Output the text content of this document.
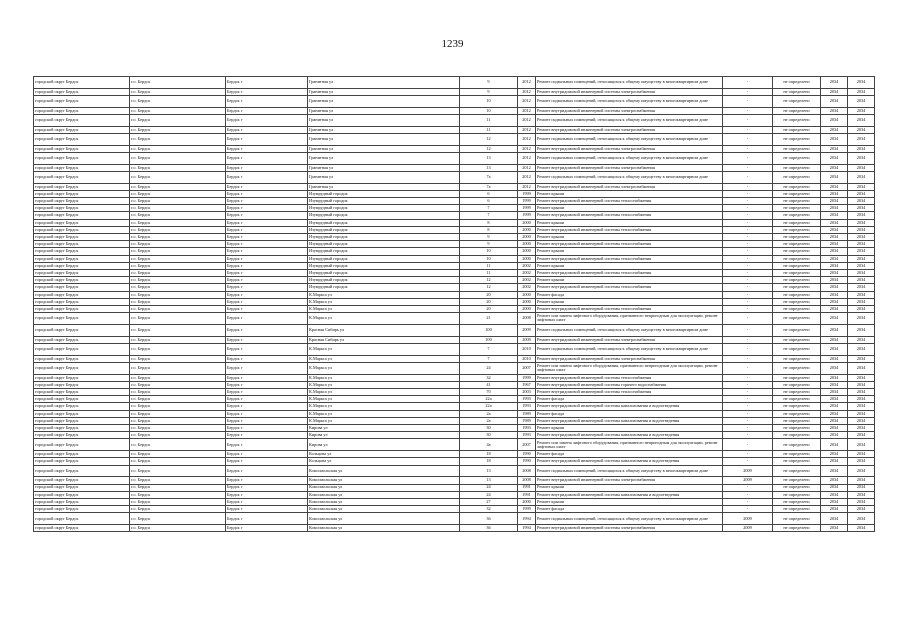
1239
городской округ Бердск	г.о. Бердск	Бердск г	Гранитная ул	9	2012	Ремонт подвальных помещений, относящихся к общему имуществу в многоквартирном доме	-	не определено	2034	2034
городской округ Бердск	г.о. Бердск	Бердск г	Гранитная ул	9	2012	Ремонт внутридомовой инженерной системы электроснабжения	-	не определено	2034	2034
городской округ Бердск	г.о. Бердск	Бердск г	Гранитная ул	10	2012	Ремонт подвальных помещений, относящихся к общему имуществу в многоквартирном доме	-	не определено	2034	2034
городской округ Бердск	г.о. Бердск	Бердск г	Гранитная ул	10	2012	Ремонт внутридомовой инженерной системы электроснабжения	-	не определено	2034	2034
городской округ Бердск	г.о. Бердск	Бердск г	Гранитная ул	11	2012	Ремонт подвальных помещений, относящихся к общему имуществу в многоквартирном доме	-	не определено	2034	2034
городской округ Бердск	г.о. Бердск	Бердск г	Гранитная ул	11	2012	Ремонт внутридомовой инженерной системы электроснабжения	-	не определено	2034	2034
городской округ Бердск	г.о. Бердск	Бердск г	Гранитная ул	12	2012	Ремонт подвальных помещений, относящихся к общему имуществу в многоквартирном доме	-	не определено	2034	2034
городской округ Бердск	г.о. Бердск	Бердск г	Гранитная ул	12	2012	Ремонт внутридомовой инженерной системы электроснабжения	-	не определено	2034	2034
городской округ Бердск	г.о. Бердск	Бердск г	Гранитная ул	13	2012	Ремонт подвальных помещений, относящихся к общему имуществу в многоквартирном доме	-	не определено	2034	2034
городской округ Бердск	г.о. Бердск	Бердск г	Гранитная ул	13	2012	Ремонт внутридомовой инженерной системы электроснабжения	-	не определено	2034	2034
городской округ Бердск	г.о. Бердск	Бердск г	Гранитная ул	7а	2012	Ремонт подвальных помещений, относящихся к общему имуществу в многоквартирном доме	-	не определено	2034	2034
городской округ Бердск	г.о. Бердск	Бердск г	Гранитная ул	7а	2012	Ремонт внутридомовой инженерной системы электроснабжения	-	не определено	2034	2034
городской округ Бердск	г.о. Бердск	Бердск г	Изумрудный городок	6	1999	Ремонт крыши	-	не определено	2034	2034
городской округ Бердск	г.о. Бердск	Бердск г	Изумрудный городок	6	1999	Ремонт внутридомовой инженерной системы теплоснабжения	-	не определено	2034	2034
городской округ Бердск	г.о. Бердск	Бердск г	Изумрудный городок	7	1999	Ремонт крыши	-	не определено	2034	2034
городской округ Бердск	г.о. Бердск	Бердск г	Изумрудный городок	7	1999	Ремонт внутридомовой инженерной системы теплоснабжения	-	не определено	2034	2034
городской округ Бердск	г.о. Бердск	Бердск г	Изумрудный городок	8	2000	Ремонт крыши	-	не определено	2034	2034
городской округ Бердск	г.о. Бердск	Бердск г	Изумрудный городок	8	2000	Ремонт внутридомовой инженерной системы теплоснабжения	-	не определено	2034	2034
городской округ Бердск	г.о. Бердск	Бердск г	Изумрудный городок	9	2000	Ремонт крыши	-	не определено	2034	2034
городской округ Бердск	г.о. Бердск	Бердск г	Изумрудный городок	9	2000	Ремонт внутридомовой инженерной системы теплоснабжения	-	не определено	2034	2034
городской округ Бердск	г.о. Бердск	Бердск г	Изумрудный городок	10	2000	Ремонт крыши	-	не определено	2034	2034
городской округ Бердск	г.о. Бердск	Бердск г	Изумрудный городок	10	2000	Ремонт внутридомовой инженерной системы теплоснабжения	-	не определено	2034	2034
городской округ Бердск	г.о. Бердск	Бердск г	Изумрудный городок	11	2002	Ремонт крыши	-	не определено	2034	2034
городской округ Бердск	г.о. Бердск	Бердск г	Изумрудный городок	11	2002	Ремонт внутридомовой инженерной системы теплоснабжения	-	не определено	2034	2034
городской округ Бердск	г.о. Бердск	Бердск г	Изумрудный городок	12	2002	Ремонт крыши	-	не определено	2034	2034
городской округ Бердск	г.о. Бердск	Бердск г	Изумрудный городок	12	2002	Ремонт внутридомовой инженерной системы теплоснабжения	-	не определено	2034	2034
городской округ Бердск	г.о. Бердск	Бердск г	К.Маркса ул	20	2000	Ремонт фасада	-	не определено	2034	2034
городской округ Бердск	г.о. Бердск	Бердск г	К.Маркса ул	20	2000	Ремонт крыши	-	не определено	2034	2034
городской округ Бердск	г.о. Бердск	Бердск г	К.Маркса ул	20	2000	Ремонт внутридомовой инженерной системы теплоснабжения	-	не определено	2034	2034
городской округ Бердск	г.о. Бердск	Бердск г	К.Маркса ул	21	2008	Ремонт или замена лифтового оборудования, признанного непригодным для эксплуатации, ремонт лифтовых шахт	-	не определено	2034	2034
городской округ Бердск	г.о. Бердск	Бердск г	Красная Сибирь ул	100	2009	Ремонт подвальных помещений, относящихся к общему имуществу в многоквартирном доме	-	не определено	2034	2034
городской округ Бердск	г.о. Бердск	Бердск г	Красная Сибирь ул	100	2009	Ремонт внутридомовой инженерной системы электроснабжения	-	не определено	2034	2034
городской округ Бердск	г.о. Бердск	Бердск г	К.Маркса ул	7	2010	Ремонт подвальных помещений, относящихся к общему имуществу в многоквартирном доме	-	не определено	2034	2034
городской округ Бердск	г.о. Бердск	Бердск г	К.Маркса ул	7	2010	Ремонт внутридомовой инженерной системы электроснабжения	-	не определено	2034	2034
городской округ Бердск	г.о. Бердск	Бердск г	К.Маркса ул	24	2007	Ремонт или замена лифтового оборудования, признанного непригодным для эксплуатации, ремонт лифтовых шахт	-	не определено	2034	2034
городской округ Бердск	г.о. Бердск	Бердск г	К.Маркса ул	32	1999	Ремонт внутридомовой инженерной системы теплоснабжения	-	не определено	2034	2034
городской округ Бердск	г.о. Бердск	Бердск г	К.Маркса ул	41	1967	Ремонт внутридомовой инженерной системы горячего водоснабжения	-	не определено	2034	2034
городской округ Бердск	г.о. Бердск	Бердск г	К.Маркса ул	70	2003	Ремонт внутридомовой инженерной системы теплоснабжения	-	не определено	2034	2034
городской округ Бердск	г.о. Бердск	Бердск г	К.Маркса ул	22а	1993	Ремонт фасада	-	не определено	2034	2034
городской округ Бердск	г.о. Бердск	Бердск г	К.Маркса ул	22а	1993	Ремонт внутридомовой инженерной системы канализования и водоотведения	-	не определено	2034	2034
городской округ Бердск	г.о. Бердск	Бердск г	К.Маркса ул	2а	1989	Ремонт фасада	-	не определено	2034	2034
городской округ Бердск	г.о. Бердск	Бердск г	К.Маркса ул	2а	1989	Ремонт внутридомовой инженерной системы канализования и водоотведения	-	не определено	2034	2034
городской округ Бердск	г.о. Бердск	Бердск г	Кирова ул	30	1993	Ремонт крыши	-	не определено	2034	2034
городской округ Бердск	г.о. Бердск	Бердск г	Кирова ул	30	1993	Ремонт внутридомовой инженерной системы канализования и водоотведения	-	не определено	2034	2034
городской округ Бердск	г.о. Бердск	Бердск г	Кирова ул	4а	2007	Ремонт или замена лифтового оборудования, признанного непригодным для эксплуатации, ремонт лифтовых шахт	-	не определено	2034	2034
городской округ Бердск	г.о. Бердск	Бердск г	Кольцова ул	18	1990	Ремонт фасада	-	не определено	2034	2034
городской округ Бердск	г.о. Бердск	Бердск г	Кольцова ул	18	1990	Ремонт внутридомовой инженерной системы канализования и водоотведения	-	не определено	2034	2034
городской округ Бердск	г.о. Бердск	Бердск г	Комсомольская ул	13	2008	Ремонт подвальных помещений, относящихся к общему имуществу в многоквартирном доме	2009	не определено	2034	2034
городской округ Бердск	г.о. Бердск	Бердск г	Комсомольская ул	13	2008	Ремонт внутридомовой инженерной системы электроснабжения	2009	не определено	2034	2034
городской округ Бердск	г.о. Бердск	Бердск г	Комсомольская ул	24	1991	Ремонт крыши	-	не определено	2034	2034
городской округ Бердск	г.о. Бердск	Бердск г	Комсомольская ул	24	1991	Ремонт внутридомовой инженерной системы канализования и водоотведения	-	не определено	2034	2034
городской округ Бердск	г.о. Бердск	Бердск г	Комсомольская ул	27	2000	Ремонт крыши	-	не определено	2034	2034
городской округ Бердск	г.о. Бердск	Бердск г	Комсомольская ул	32	1999	Ремонт фасада	-	не определено	2034	2034
городской округ Бердск	г.о. Бердск	Бердск г	Комсомольская ул	36	1994	Ремонт подвальных помещений, относящихся к общему имуществу в многоквартирном доме	2009	не определено	2034	2034
городской округ Бердск	г.о. Бердск	Бердск г	Комсомольская ул	36	1994	Ремонт внутридомовой инженерной системы электроснабжения	2009	не определено	2034	2034
